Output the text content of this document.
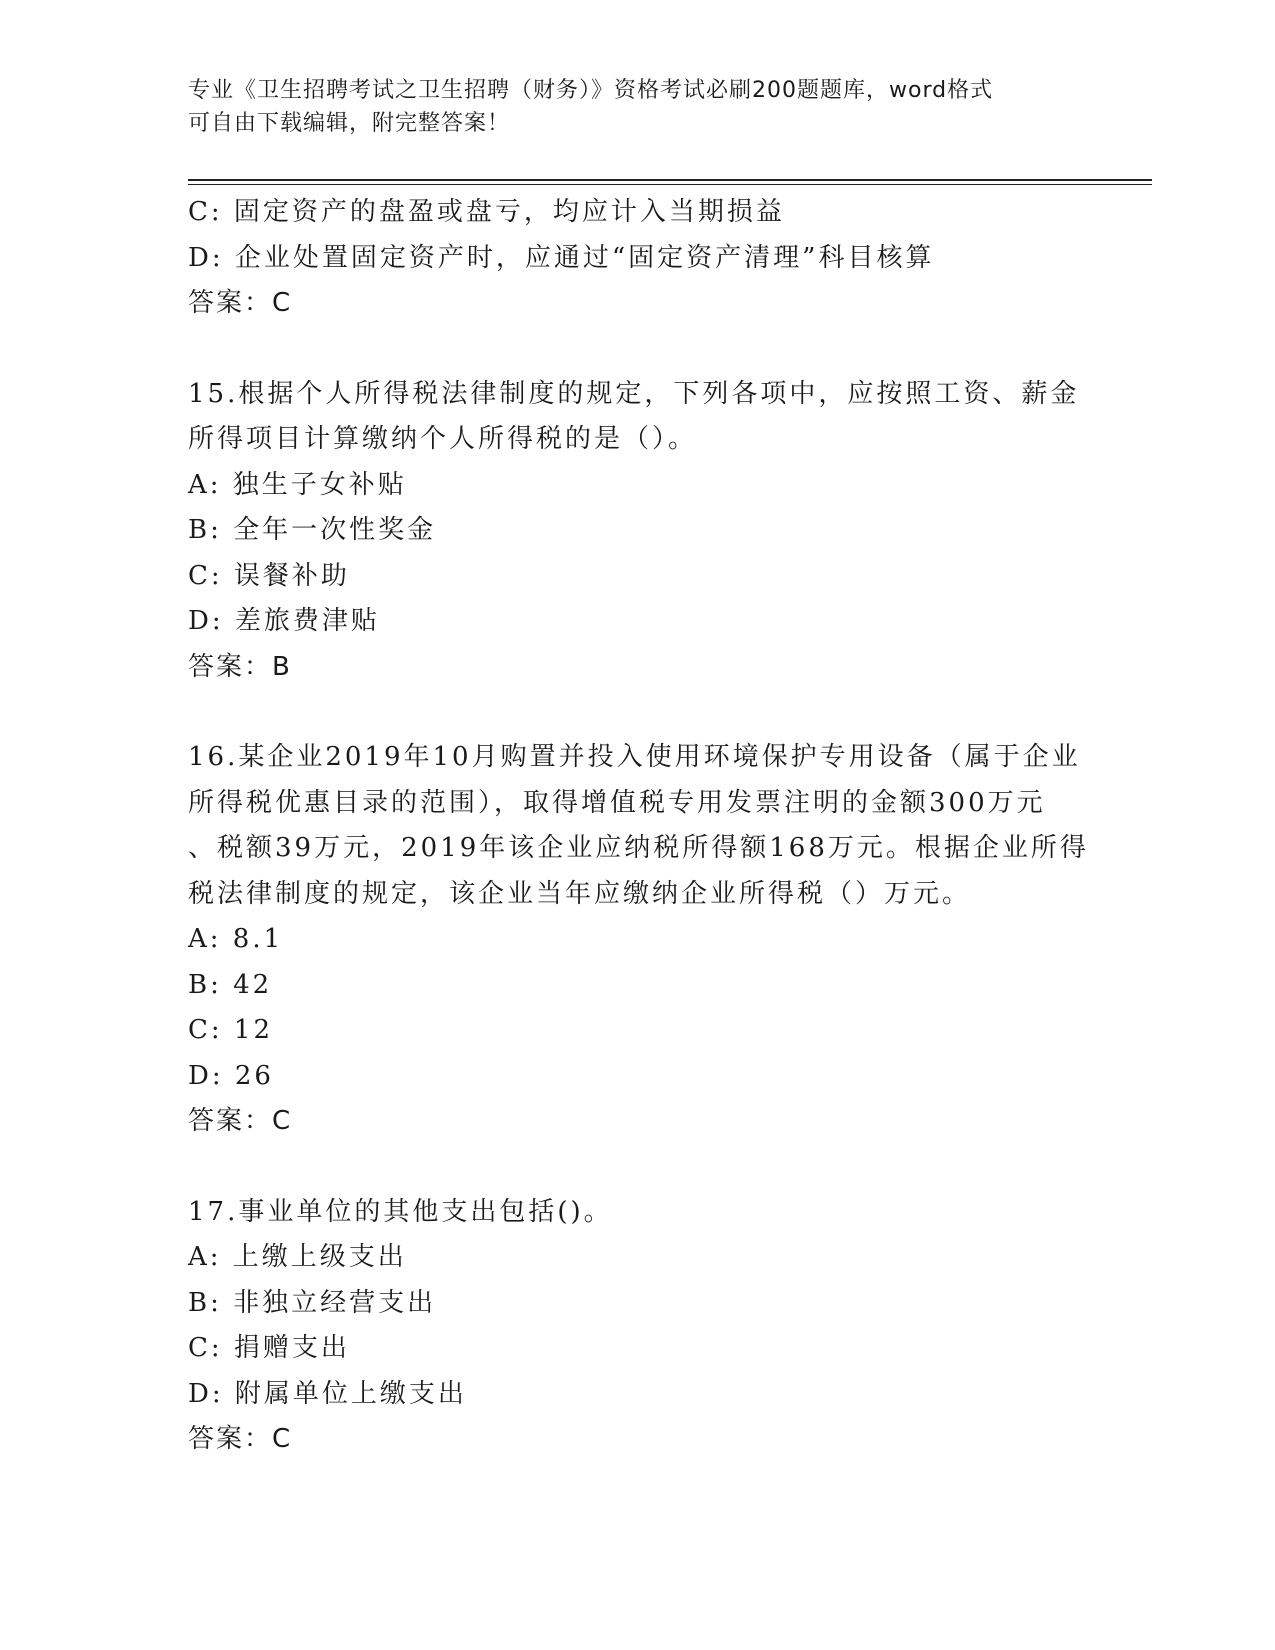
专业《卫生招聘考试之卫生招聘（财务）》资格考试必刷200题题库，word格式
可自由下载编辑，附完整答案！
C: 固定资产的盘盈或盘亏，均应计入当期损益
D: 企业处置固定资产时，应通过“固定资产清理”科目核算
答案：C
15.根据个人所得税法律制度的规定，下列各项中，应按照工资、薪金
所得项目计算缴纳个人所得税的是（）。
A: 独生子女补贴
B: 全年一次性奖金
C: 误餐补助
D: 差旅费津贴
答案：B
16.某企业2019年10月购置并投入使用环境保护专用设备（属于企业
所得税优惠目录的范围），取得增值税专用发票注明的金额300万元
、税额39万元，2019年该企业应纳税所得额168万元。根据企业所得
税法律制度的规定，该企业当年应缴纳企业所得税（）万元。
A: 8.1
B: 42
C: 12
D: 26
答案：C
17.事业单位的其他支出包括()。
A: 上缴上级支出
B: 非独立经营支出
C: 捐赠支出
D: 附属单位上缴支出
答案：C
